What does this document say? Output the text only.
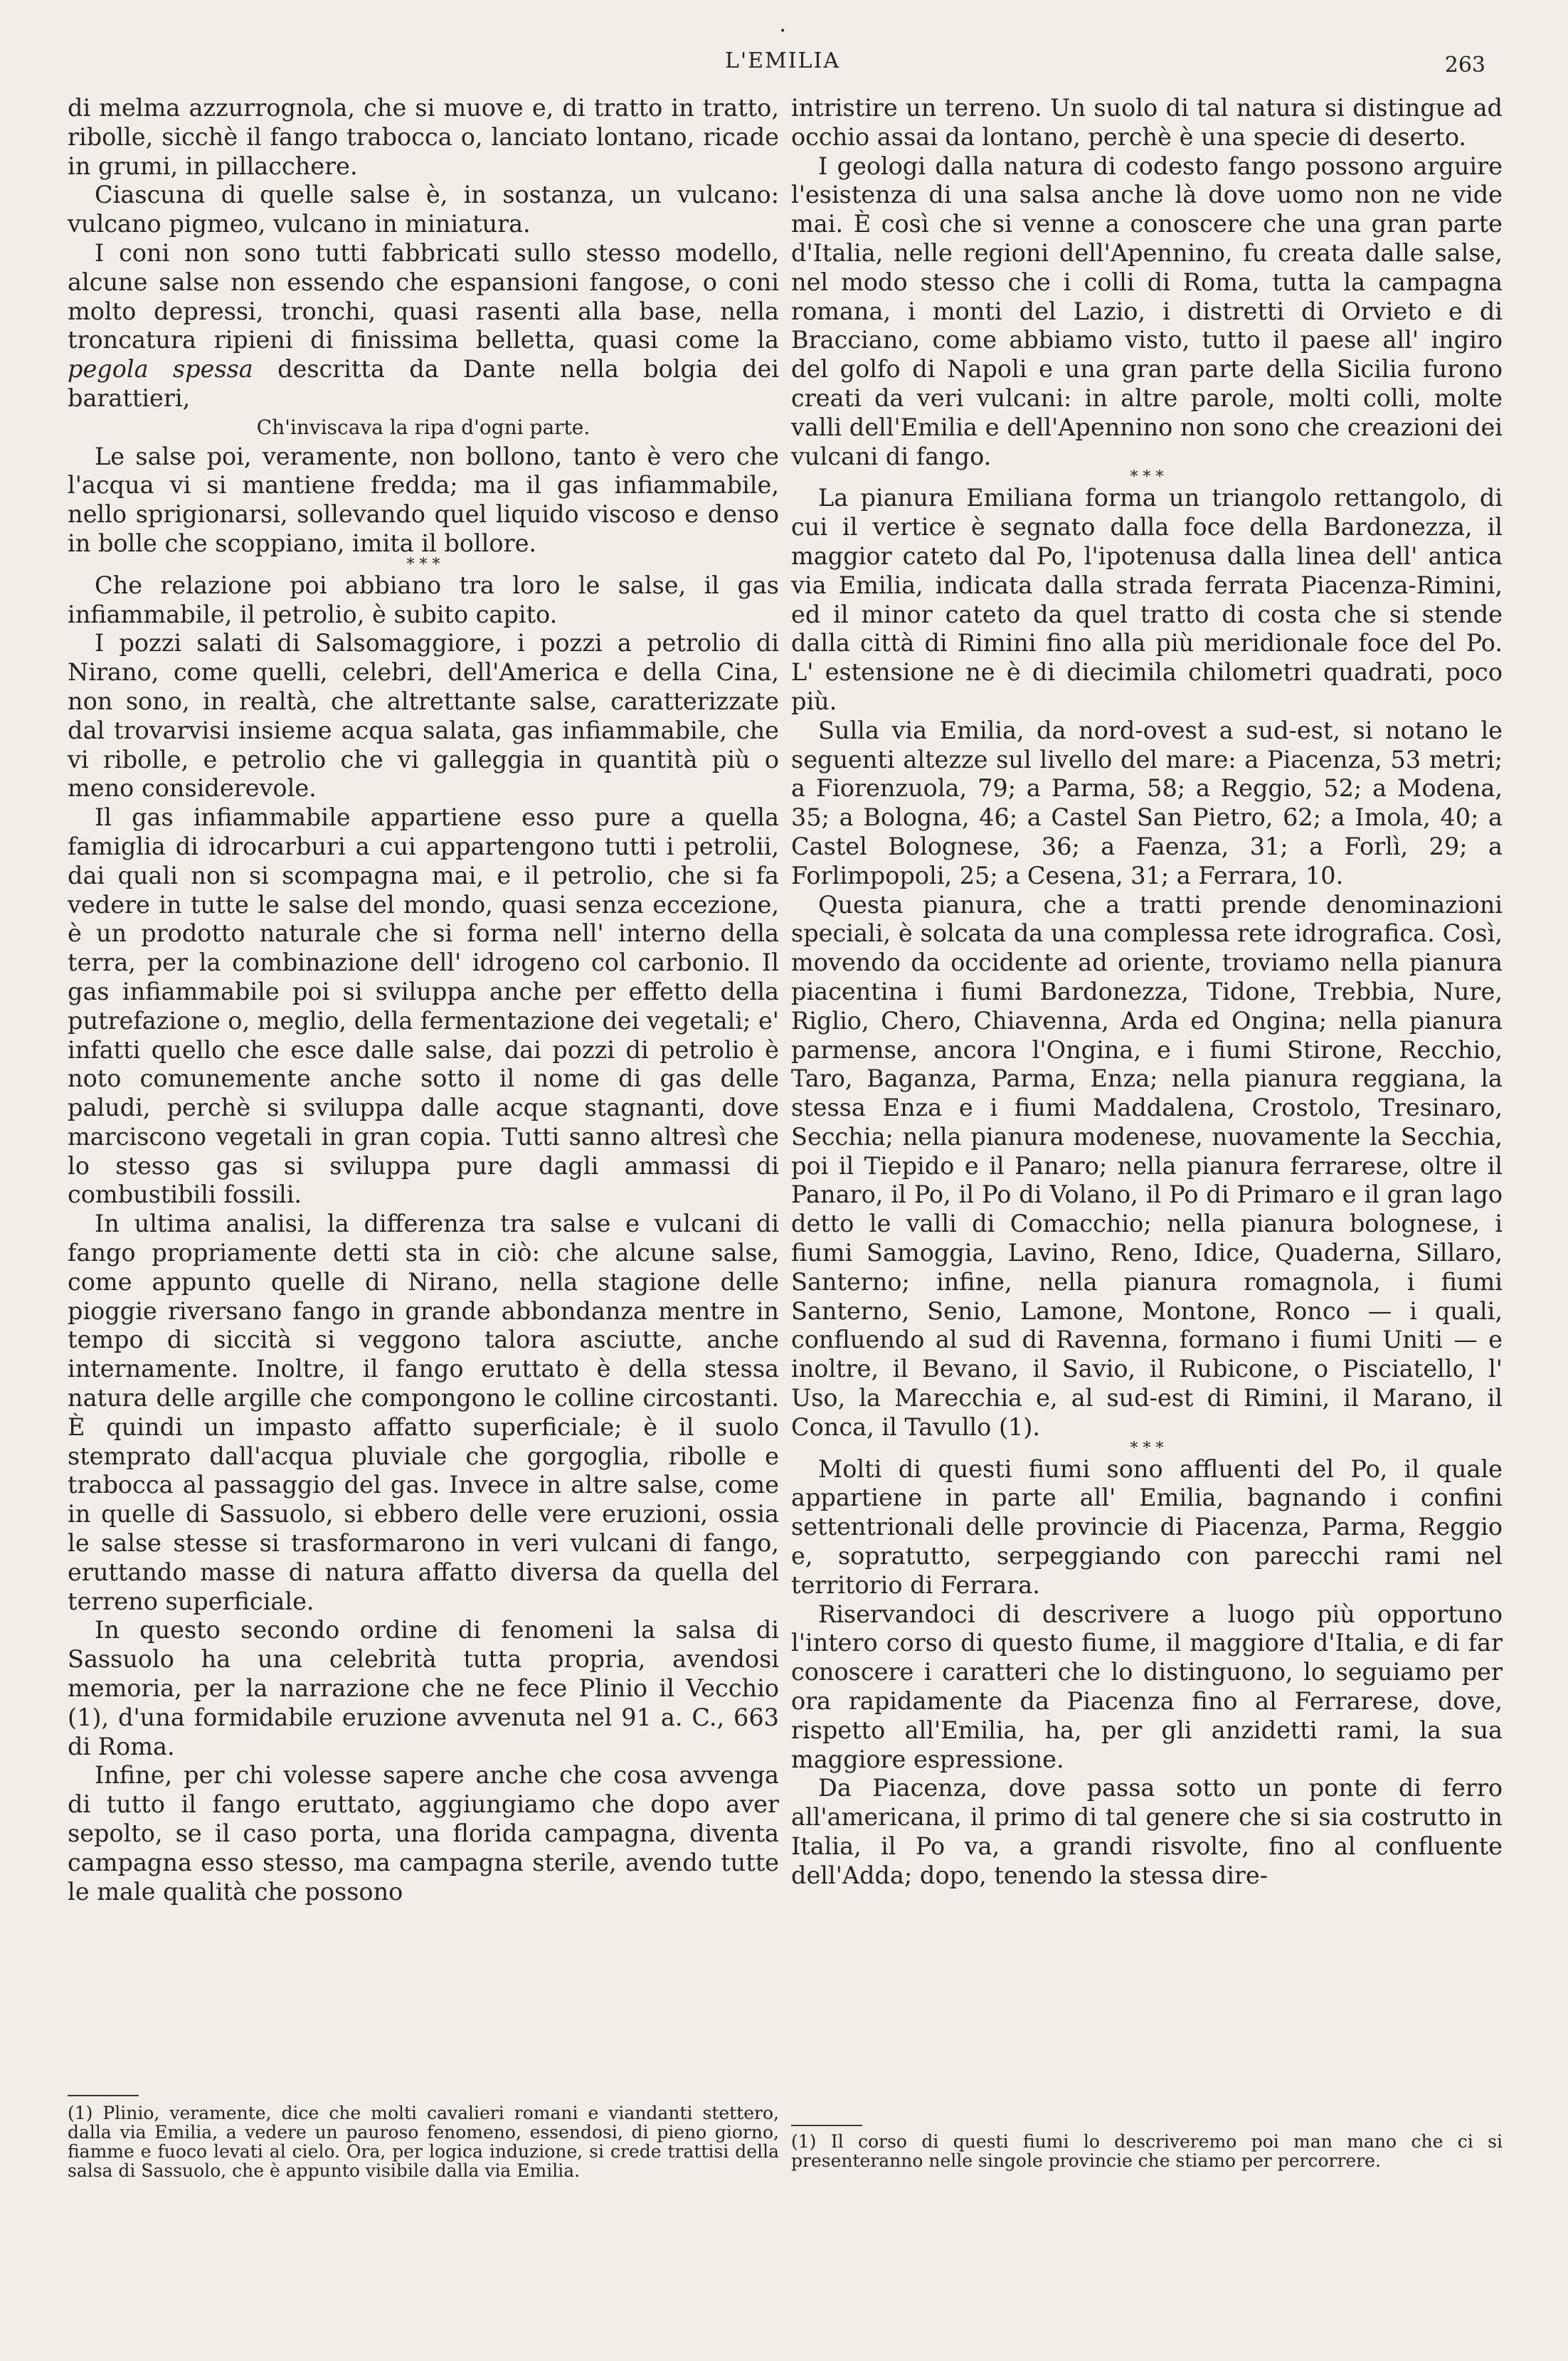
•
L'EMILIA	263

di melma azzurrognola, che si muove e, di tratto in tratto, ribolle, sicchè il fango trabocca o, lanciato lontano, ricade in grumi, in pillacchere.

Ciascuna di quelle salse è, in sostanza, un vulcano: vulcano pigmeo, vulcano in miniatura.

I coni non sono tutti fabbricati sullo stesso modello, alcune salse non essendo che espansioni fangose, o coni molto depressi, tronchi, quasi rasenti alla base, nella troncatura ripieni di finissima belletta, quasi come la pegola spessa descritta da Dante nella bolgia dei barattieri,

Ch'inviscava la ripa d'ogni parte.

Le salse poi, veramente, non bollono, tanto è vero che l'acqua vi si mantiene fredda; ma il gas infiammabile, nello sprigionarsi, sollevando quel liquido viscoso e denso in bolle che scoppiano, imita il bollore.

* * *

Che relazione poi abbiano tra loro le salse, il gas infiammabile, il petrolio, è subito capito.

I pozzi salati di Salsomaggiore, i pozzi a petrolio di Nirano, come quelli, celebri, dell'America e della Cina, non sono, in realtà, che altrettante salse, caratterizzate dal trovarvisi insieme acqua salata, gas infiammabile, che vi ribolle, e petrolio che vi galleggia in quantità più o meno considerevole.

Il gas infiammabile appartiene esso pure a quella famiglia di idrocarburi a cui appartengono tutti i petrolii, dai quali non si scompagna mai, e il petrolio, che si fa vedere in tutte le salse del mondo, quasi senza eccezione, è un prodotto naturale che si forma nell' interno della terra, per la combinazione dell' idrogeno col carbonio. Il gas infiammabile poi si sviluppa anche per effetto della putrefazione o, meglio, della fermentazione dei vegetali; e' infatti quello che esce dalle salse, dai pozzi di petrolio è noto comunemente anche sotto il nome di gas delle paludi, perchè si sviluppa dalle acque stagnanti, dove marciscono vegetali in gran copia. Tutti sanno altresì che lo stesso gas si sviluppa pure dagli ammassi di combustibili fossili.

In ultima analisi, la differenza tra salse e vulcani di fango propriamente detti sta in ciò: che alcune salse, come appunto quelle di Nirano, nella stagione delle pioggie riversano fango in grande abbondanza mentre in tempo di siccità si veggono talora asciutte, anche internamente. Inoltre, il fango eruttato è della stessa natura delle argille che compongono le colline circostanti. È quindi un impasto affatto superficiale; è il suolo stemprato dall'acqua pluviale che gorgoglia, ribolle e trabocca al passaggio del gas. Invece in altre salse, come in quelle di Sassuolo, si ebbero delle vere eruzioni, ossia le salse stesse si trasformarono in veri vulcani di fango, eruttando masse di natura affatto diversa da quella del terreno superficiale.

In questo secondo ordine di fenomeni la salsa di Sassuolo ha una celebrità tutta propria, avendosi memoria, per la narrazione che ne fece Plinio il Vecchio (1), d'una formidabile eruzione avvenuta nel 91 a. C., 663 di Roma.

Infine, per chi volesse sapere anche che cosa avvenga di tutto il fango eruttato, aggiungiamo che dopo aver sepolto, se il caso porta, una florida campagna, diventa campagna esso stesso, ma campagna sterile, avendo tutte le male qualità che possono

(1) Plinio, veramente, dice che molti cavalieri romani e viandanti stettero, dalla via Emilia, a vedere un pauroso fenomeno, essendosi, di pieno giorno, fiamme e fuoco levati al cielo. Ora, per logica induzione, si crede trattisi della salsa di Sassuolo, che è appunto visibile dalla via Emilia.

intristire un terreno. Un suolo di tal natura si distingue ad occhio assai da lontano, perchè è una specie di deserto.

I geologi dalla natura di codesto fango possono arguire l'esistenza di una salsa anche là dove uomo non ne vide mai. È così che si venne a conoscere che una gran parte d'Italia, nelle regioni dell'Apennino, fu creata dalle salse, nel modo stesso che i colli di Roma, tutta la campagna romana, i monti del Lazio, i distretti di Orvieto e di Bracciano, come abbiamo visto, tutto il paese all' ingiro del golfo di Napoli e una gran parte della Sicilia furono creati da veri vulcani: in altre parole, molti colli, molte valli dell'Emilia e dell'Apennino non sono che creazioni dei vulcani di fango.

* * *

La pianura Emiliana forma un triangolo rettangolo, di cui il vertice è segnato dalla foce della Bardonezza, il maggior cateto dal Po, l'ipotenusa dalla linea dell' antica via Emilia, indicata dalla strada ferrata Piacenza-Rimini, ed il minor cateto da quel tratto di costa che si stende dalla città di Rimini fino alla più meridionale foce del Po. L' estensione ne è di diecimila chilometri quadrati, poco più.

Sulla via Emilia, da nord-ovest a sud-est, si notano le seguenti altezze sul livello del mare: a Piacenza, 53 metri; a Fiorenzuola, 79; a Parma, 58; a Reggio, 52; a Modena, 35; a Bologna, 46; a Castel San Pietro, 62; a Imola, 40; a Castel Bolognese, 36; a Faenza, 31; a Forlì, 29; a Forlimpopoli, 25; a Cesena, 31; a Ferrara, 10.

Questa pianura, che a tratti prende denominazioni speciali, è solcata da una complessa rete idrografica. Così, movendo da occidente ad oriente, troviamo nella pianura piacentina i fiumi Bardonezza, Tidone, Trebbia, Nure, Riglio, Chero, Chiavenna, Arda ed Ongina; nella pianura parmense, ancora l'Ongina, e i fiumi Stirone, Recchio, Taro, Baganza, Parma, Enza; nella pianura reggiana, la stessa Enza e i fiumi Maddalena, Crostolo, Tresinaro, Secchia; nella pianura modenese, nuovamente la Secchia, poi il Tiepido e il Panaro; nella pianura ferrarese, oltre il Panaro, il Po, il Po di Volano, il Po di Primaro e il gran lago detto le valli di Comacchio; nella pianura bolognese, i fiumi Samoggia, Lavino, Reno, Idice, Quaderna, Sillaro, Santerno; infine, nella pianura romagnola, i fiumi Santerno, Senio, Lamone, Montone, Ronco — i quali, confluendo al sud di Ravenna, formano i fiumi Uniti — e inoltre, il Bevano, il Savio, il Rubicone, o Pisciatello, l' Uso, la Marecchia e, al sud-est di Rimini, il Marano, il Conca, il Tavullo (1).

* * *

Molti di questi fiumi sono affluenti del Po, il quale appartiene in parte all' Emilia, bagnando i confini settentrionali delle provincie di Piacenza, Parma, Reggio e, sopratutto, serpeggiando con parecchi rami nel territorio di Ferrara.

Riservandoci di descrivere a luogo più opportuno l'intero corso di questo fiume, il maggiore d'Italia, e di far conoscere i caratteri che lo distinguono, lo seguiamo per ora rapidamente da Piacenza fino al Ferrarese, dove, rispetto all'Emilia, ha, per gli anzidetti rami, la sua maggiore espressione.

Da Piacenza, dove passa sotto un ponte di ferro all'americana, il primo di tal genere che si sia costrutto in Italia, il Po va, a grandi risvolte, fino al confluente dell'Adda; dopo, tenendo la stessa dire-

(1) Il corso di questi fiumi lo descriveremo poi man mano che ci si presenteranno nelle singole provincie che stiamo per percorrere.
